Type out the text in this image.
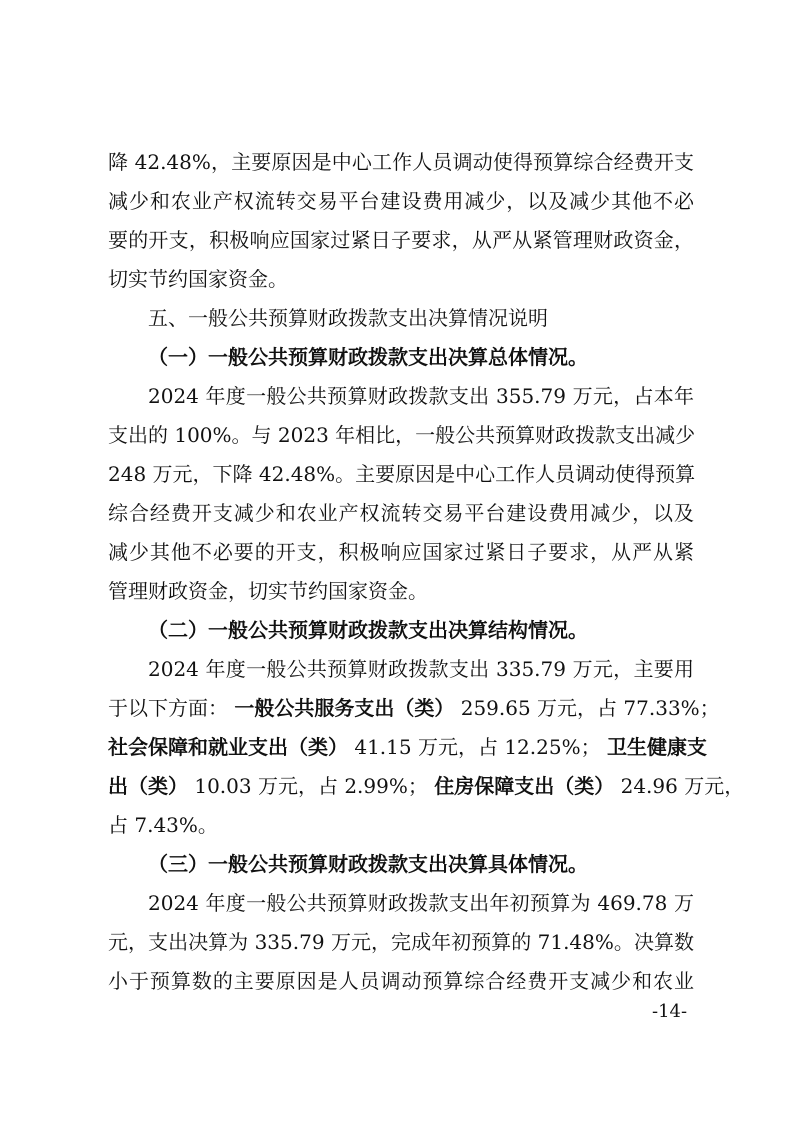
降 42.48%，主要原因是中心工作人员调动使得预算综合经费开支
减少和农业产权流转交易平台建设费用减少，以及减少其他不必
要的开支，积极响应国家过紧日子要求，从严从紧管理财政资金，
切实节约国家资金。
五、一般公共预算财政拨款支出决算情况说明
（一）一般公共预算财政拨款支出决算总体情况。
2024 年度一般公共预算财政拨款支出 355.79 万元，占本年
支出的 100%。与 2023 年相比，一般公共预算财政拨款支出减少
248 万元，下降 42.48%。主要原因是中心工作人员调动使得预算
综合经费开支减少和农业产权流转交易平台建设费用减少，以及
减少其他不必要的开支，积极响应国家过紧日子要求，从严从紧
管理财政资金，切实节约国家资金。
（二）一般公共预算财政拨款支出决算结构情况。
2024 年度一般公共预算财政拨款支出 335.79 万元，主要用
于以下方面： 一般公共服务支出（类） 259.65 万元，占 77.33%；
社会保障和就业支出（类） 41.15 万元，占 12.25%； 卫生健康支
出（类） 10.03 万元，占 2.99%； 住房保障支出（类） 24.96 万元，
占 7.43%。
（三）一般公共预算财政拨款支出决算具体情况。
2024 年度一般公共预算财政拨款支出年初预算为 469.78 万
元，支出决算为 335.79 万元，完成年初预算的 71.48%。决算数
小于预算数的主要原因是人员调动预算综合经费开支减少和农业
-14-
